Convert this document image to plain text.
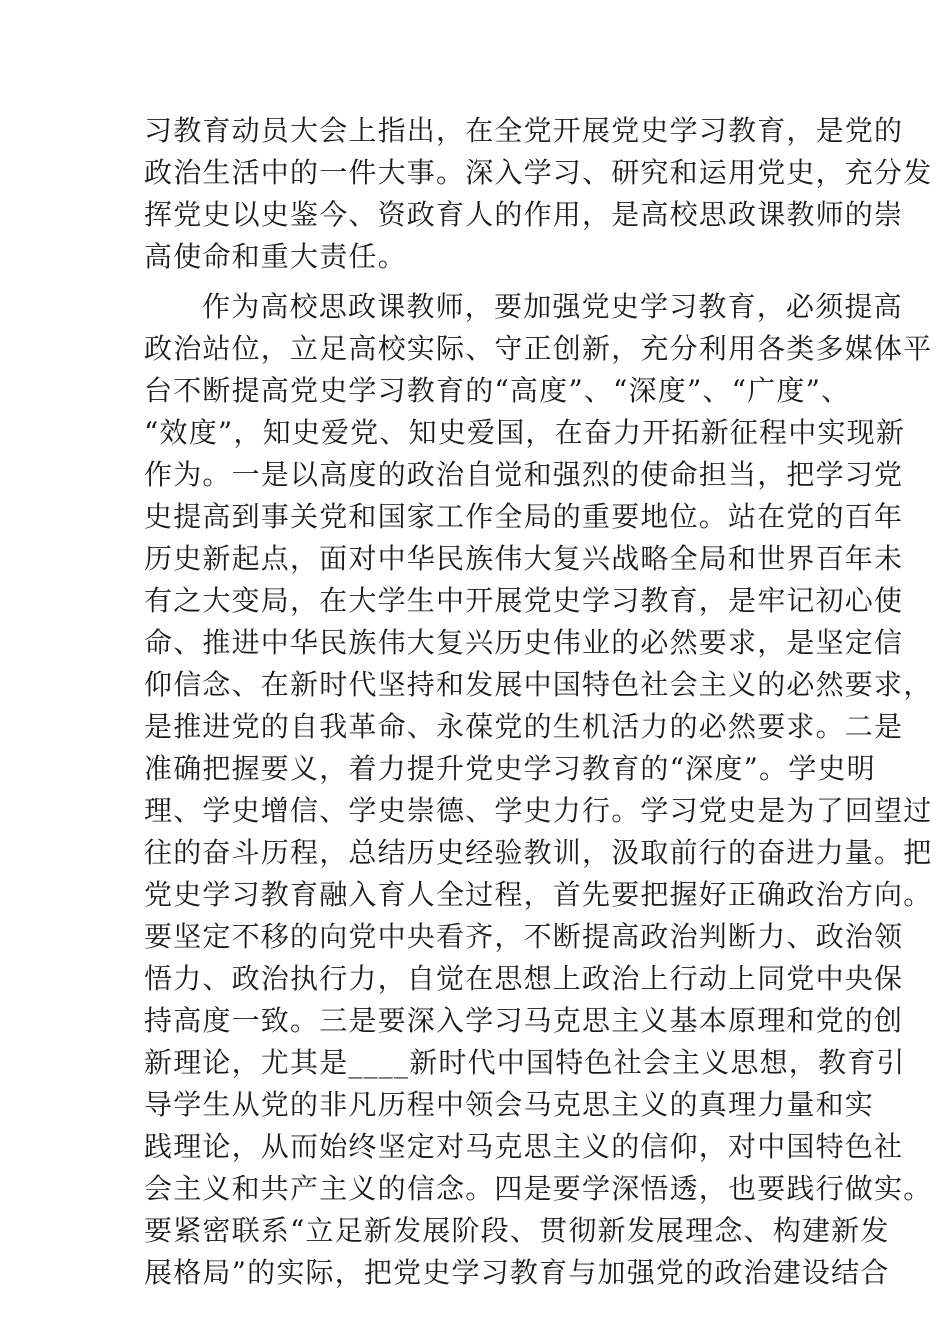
习教育动员大会上指出，在全党开展党史学习教育，是党的
政治生活中的一件大事。深入学习、研究和运用党史，充分发
挥党史以史鉴今、资政育人的作用，是高校思政课教师的崇
高使命和重大责任。
作为高校思政课教师，要加强党史学习教育，必须提高
政治站位，立足高校实际、守正创新，充分利用各类多媒体平
台不断提高党史学习教育的“高度”、“深度”、“广度”、
“效度”，知史爱党、知史爱国，在奋力开拓新征程中实现新
作为。一是以高度的政治自觉和强烈的使命担当，把学习党
史提高到事关党和国家工作全局的重要地位。站在党的百年
历史新起点，面对中华民族伟大复兴战略全局和世界百年未
有之大变局，在大学生中开展党史学习教育，是牢记初心使
命、推进中华民族伟大复兴历史伟业的必然要求，是坚定信
仰信念、在新时代坚持和发展中国特色社会主义的必然要求，
是推进党的自我革命、永葆党的生机活力的必然要求。二是
准确把握要义，着力提升党史学习教育的“深度”。学史明
理、学史增信、学史崇德、学史力行。学习党史是为了回望过
往的奋斗历程，总结历史经验教训，汲取前行的奋进力量。把
党史学习教育融入育人全过程，首先要把握好正确政治方向。
要坚定不移的向党中央看齐，不断提高政治判断力、政治领
悟力、政治执行力，自觉在思想上政治上行动上同党中央保
持高度一致。三是要深入学习马克思主义基本原理和党的创
新理论，尤其是____新时代中国特色社会主义思想，教育引
导学生从党的非凡历程中领会马克思主义的真理力量和实
践理论，从而始终坚定对马克思主义的信仰，对中国特色社
会主义和共产主义的信念。四是要学深悟透，也要践行做实。
要紧密联系“立足新发展阶段、贯彻新发展理念、构建新发
展格局”的实际，把党史学习教育与加强党的政治建设结合
